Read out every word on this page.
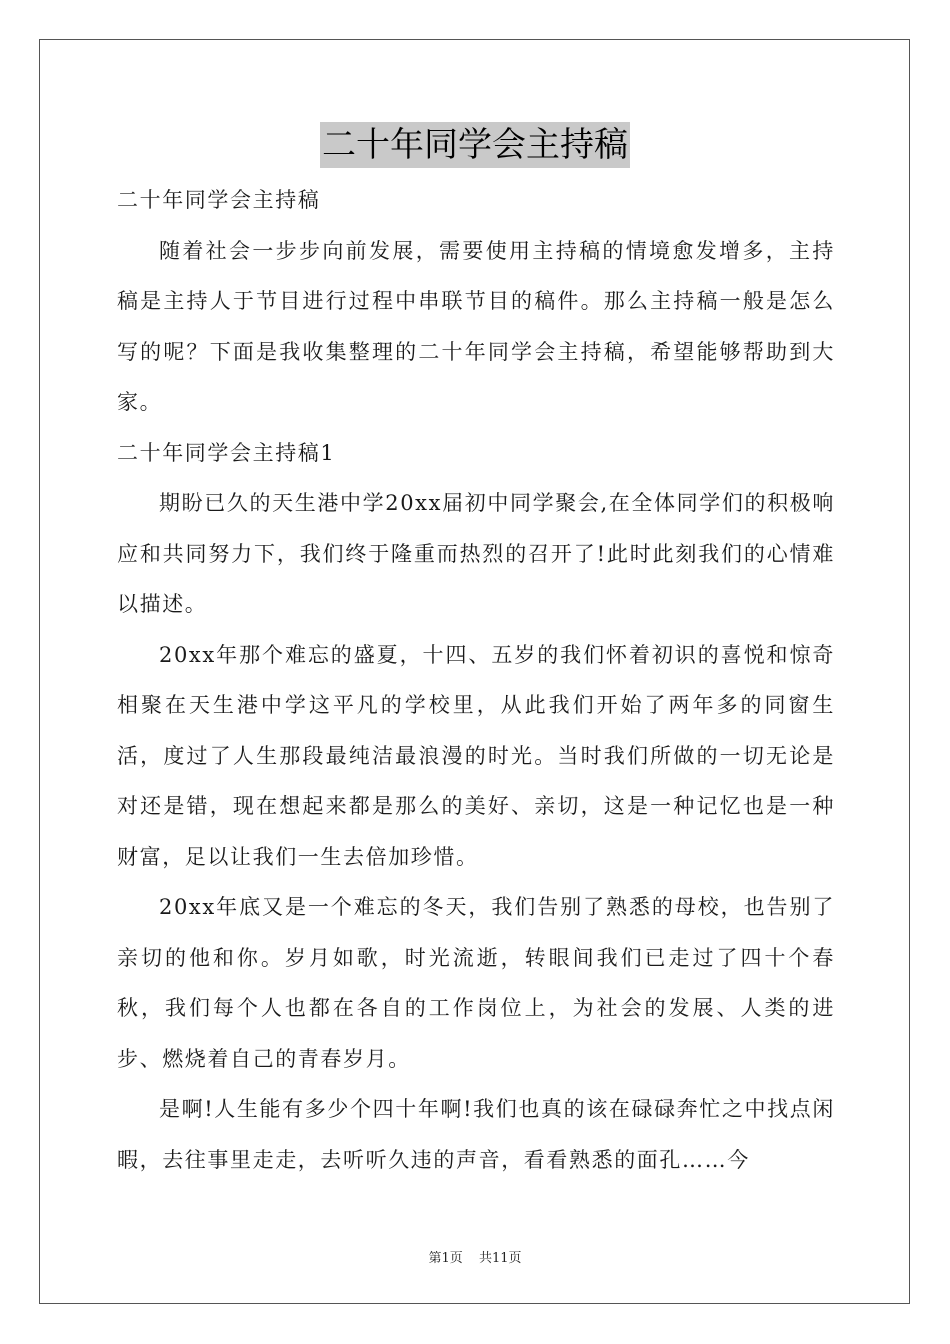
二十年同学会主持稿

二十年同学会主持稿

随着社会一步步向前发展，需要使用主持稿的情境愈发增多，主持稿是主持人于节目进行过程中串联节目的稿件。那么主持稿一般是怎么写的呢？下面是我收集整理的二十年同学会主持稿，希望能够帮助到大家。

二十年同学会主持稿1

期盼已久的天生港中学20xx届初中同学聚会,在全体同学们的积极响应和共同努力下，我们终于隆重而热烈的召开了!此时此刻我们的心情难以描述。

20xx年那个难忘的盛夏，十四、五岁的我们怀着初识的喜悦和惊奇相聚在天生港中学这平凡的学校里，从此我们开始了两年多的同窗生活，度过了人生那段最纯洁最浪漫的时光。当时我们所做的一切无论是对还是错，现在想起来都是那么的美好、亲切，这是一种记忆也是一种财富，足以让我们一生去倍加珍惜。

20xx年底又是一个难忘的冬天，我们告别了熟悉的母校，也告别了亲切的他和你。岁月如歌，时光流逝，转眼间我们已走过了四十个春秋，我们每个人也都在各自的工作岗位上，为社会的发展、人类的进步、燃烧着自己的青春岁月。

是啊!人生能有多少个四十年啊!我们也真的该在碌碌奔忙之中找点闲暇，去往事里走走，去听听久违的声音，看看熟悉的面孔……今

第1页 共11页
